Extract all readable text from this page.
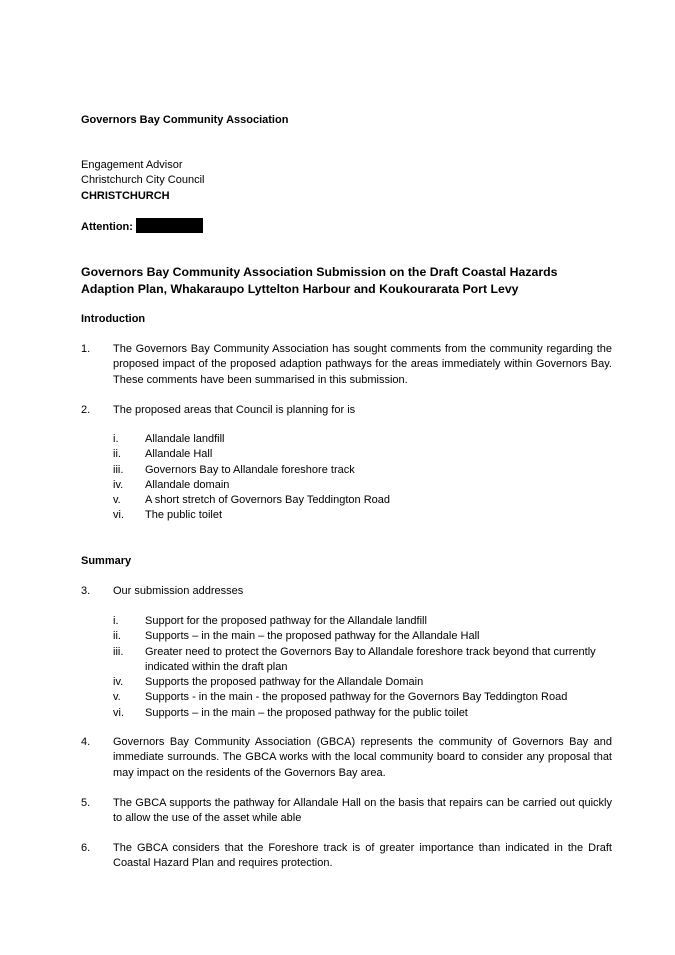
Governors Bay Community Association
Engagement Advisor
Christchurch City Council
CHRISTCHURCH
Attention:
Governors Bay Community Association Submission on the Draft Coastal Hazards Adaption Plan, Whakaraupo Lyttelton Harbour and Koukourarata Port Levy
Introduction
1.	The Governors Bay Community Association has sought comments from the community regarding the proposed impact of the proposed adaption pathways for the areas immediately within Governors Bay. These comments have been summarised in this submission.
2.	The proposed areas that Council is planning for is
i.	Allandale landfill
ii.	Allandale Hall
iii.	Governors Bay to Allandale foreshore track
iv.	Allandale domain
v.	A short stretch of Governors Bay Teddington Road
vi.	The public toilet
Summary
3.	Our submission addresses
i.	Support for the proposed pathway for the Allandale landfill
ii.	Supports – in the main – the proposed pathway for the Allandale Hall
iii.	Greater need to protect the Governors Bay to Allandale foreshore track beyond that currently indicated within the draft plan
iv.	Supports the proposed pathway for the Allandale Domain
v.	Supports - in the main - the proposed pathway for the Governors Bay Teddington Road
vi.	Supports – in the main – the proposed pathway for the public toilet
4.	Governors Bay Community Association (GBCA) represents the community of Governors Bay and immediate surrounds. The GBCA works with the local community board to consider any proposal that may impact on the residents of the Governors Bay area.
5.	The GBCA supports the pathway for Allandale Hall on the basis that repairs can be carried out quickly to allow the use of the asset while able
6.	The GBCA considers that the Foreshore track is of greater importance than indicated in the Draft Coastal Hazard Plan and requires protection.
